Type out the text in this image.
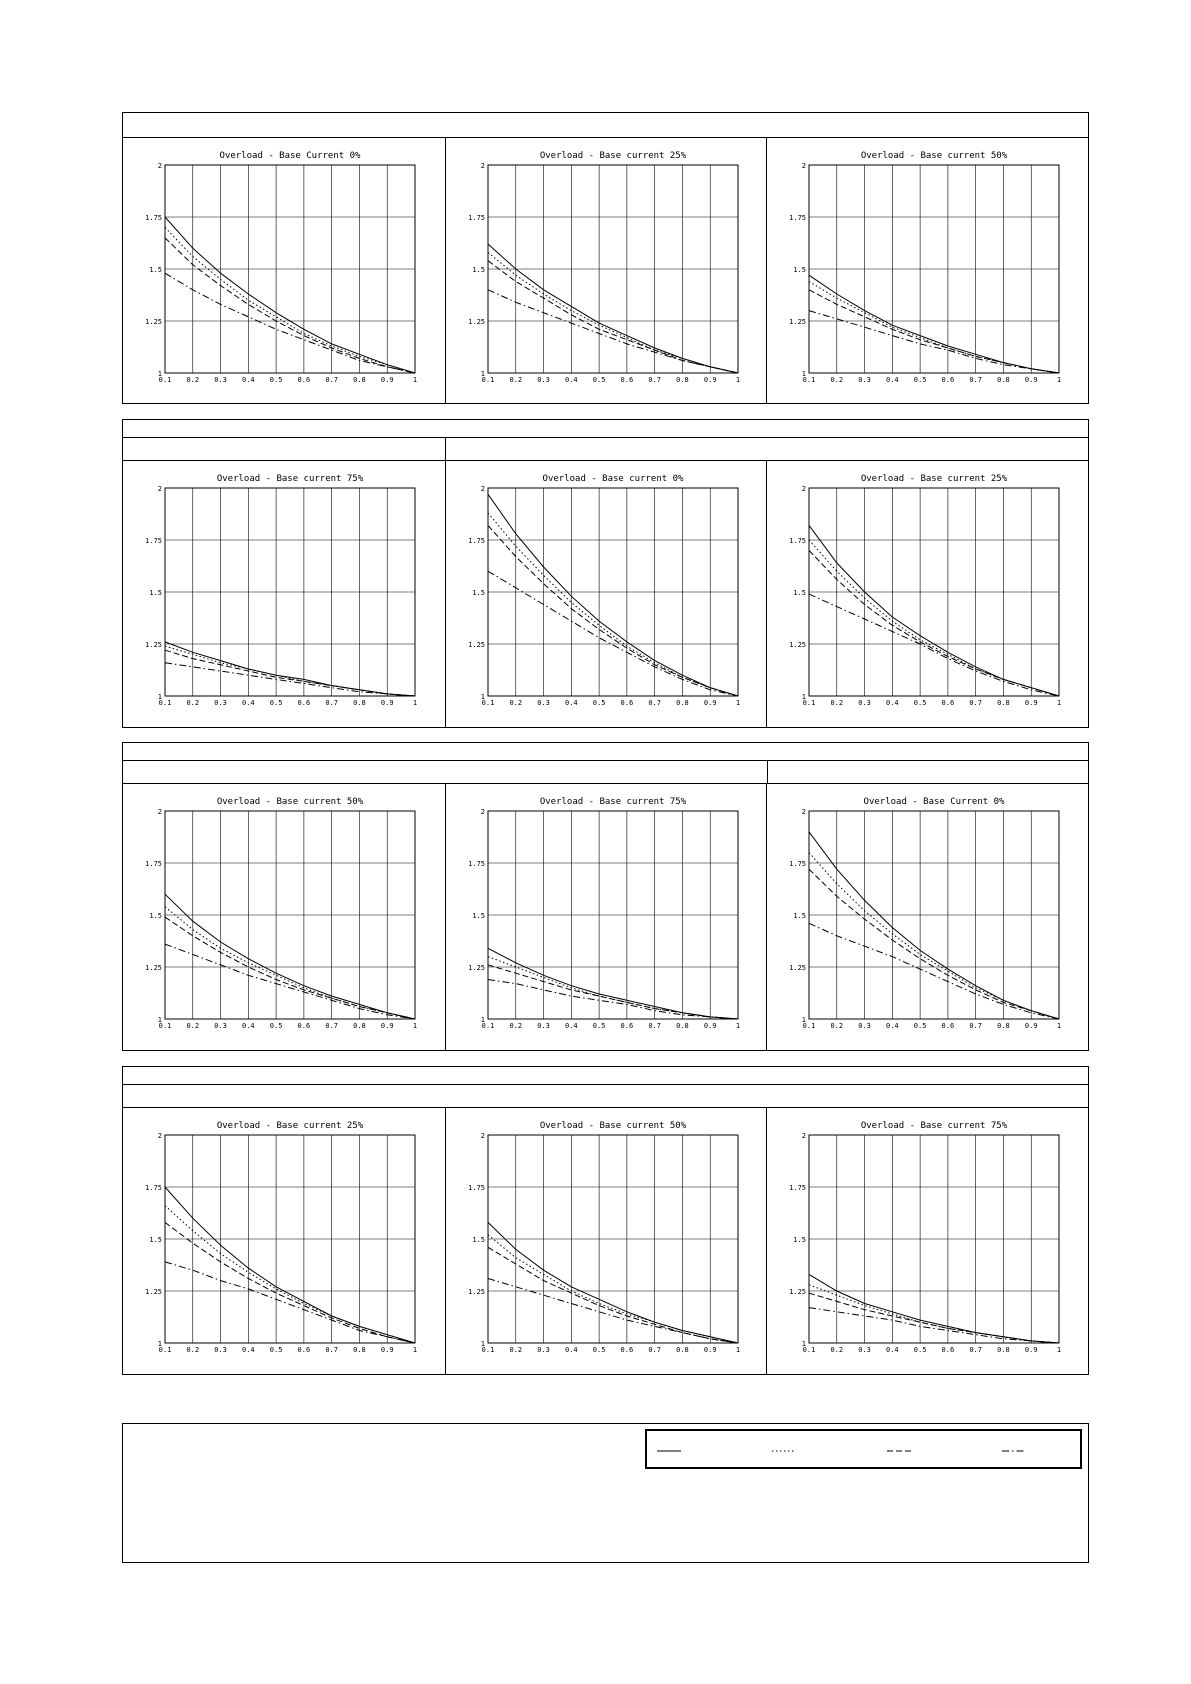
Overload - Base Current 0%
0.1 0.2 0.3 0.4 0.5 0.6 0.7 0.8 0.9	1
1
1.25
1.5
1.75
2
Overload - Base current 25%
0.1 0.2 0.3 0.4 0.5 0.6 0.7 0.8 0.9	1
1
1.25
1.5
1.75
2
Overload - Base current 50%
0.1 0.2 0.3 0.4 0.5 0.6 0.7 0.8 0.9	1
1
1.25
1.5
1.75
2
Overload - Base current 75%
0.1 0.2 0.3 0.4 0.5 0.6 0.7 0.8 0.9	1
1
1.25
1.5
1.75
2
Overload - Base current 0%
0.1 0.2 0.3 0.4 0.5 0.6 0.7 0.8 0.9	1
1
1.25
1.5
1.75
2
Overload - Base current 25%
0.1 0.2 0.3 0.4 0.5 0.6 0.7 0.8 0.9	1
1
1.25
1.5
1.75
2
Overload - Base current 50%
0.1 0.2 0.3 0.4 0.5 0.6 0.7 0.8 0.9	1
1
1.25
1.5
1.75
2
Overload - Base current 75%
0.1 0.2 0.3 0.4 0.5 0.6 0.7 0.8 0.9	1
1
1.25
1.5
1.75
2
Overload - Base Current 0%
0.1 0.2 0.3 0.4 0.5 0.6 0.7 0.8 0.9	1
1
1.25
1.5
1.75
2
Overload - Base current 25%
0.1 0.2 0.3 0.4 0.5 0.6 0.7 0.8 0.9	1
1
1.25
1.5
1.75
2
Overload - Base current 50%
0.1 0.2 0.3 0.4 0.5 0.6 0.7 0.8 0.9	1
1
1.25
1.5
1.75
2
Overload - Base current 75%
0.1 0.2 0.3 0.4 0.5 0.6 0.7 0.8 0.9	1
1
1.25
1.5
1.75
2
